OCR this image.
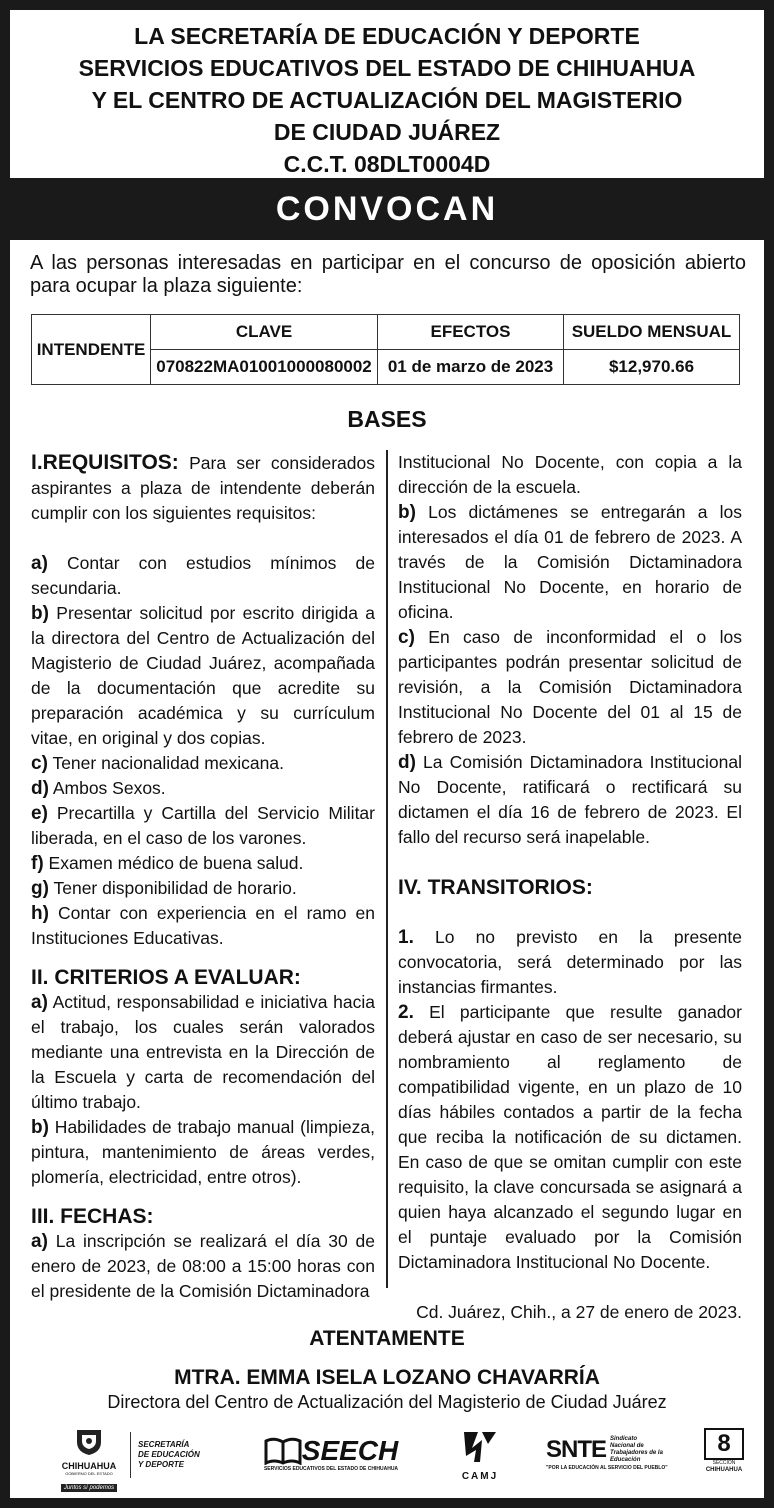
LA SECRETARÍA DE EDUCACIÓN Y DEPORTE

SERVICIOS EDUCATIVOS DEL ESTADO DE CHIHUAHUA

Y EL CENTRO DE ACTUALIZACIÓN DEL MAGISTERIO

DE CIUDAD JUÁREZ

C.C.T. 08DLT0004D

CONVOCAN
A las personas interesadas en participar en el concurso de oposición abierto para ocupar la plaza siguiente:
INTENDENTE	CLAVE	EFECTOS	SUELDO MENSUAL
	070822MA01001000080002	01 de marzo de 2023	$12,970.66
BASES

I.REQUISITOS: Para ser considerados aspirantes a plaza de intendente deberán cumplir con los siguientes requisitos:

a) Contar con estudios mínimos de secundaria.

b) Presentar solicitud por escrito dirigida a la directora del Centro de Actualización del Magisterio de Ciudad Juárez, acompañada de la documentación que acredite su preparación académica y su currículum vitae, en original y dos copias.

c) Tener nacionalidad mexicana.

d) Ambos Sexos.

e) Precartilla y Cartilla del Servicio Militar liberada, en el caso de los varones.

f) Examen médico de buena salud.

g) Tener disponibilidad de horario.

h) Contar con experiencia en el ramo en Instituciones Educativas.

II. CRITERIOS A EVALUAR:

a) Actitud, responsabilidad e iniciativa hacia el trabajo, los cuales serán valorados mediante una entrevista en la Dirección de la Escuela y carta de recomendación del último trabajo.

b) Habilidades de trabajo manual (limpieza, pintura, mantenimiento de áreas verdes, plomería, electricidad, entre otros).

III. FECHAS:

a) La inscripción se realizará el día 30 de enero de 2023, de 08:00 a 15:00 horas con el presidente de la Comisión Dictaminadora

Institucional No Docente, con copia a la dirección de la escuela.

b) Los dictámenes se entregarán a los interesados el día 01 de febrero de 2023. A través de la Comisión Dictaminadora Institucional No Docente, en horario de oficina.

c) En caso de inconformidad el o los participantes podrán presentar solicitud de revisión, a la Comisión Dictaminadora Institucional No Docente del 01 al 15 de febrero de 2023.

d) La Comisión Dictaminadora Institucional No Docente, ratificará o rectificará su dictamen el día 16 de febrero de 2023. El fallo del recurso será inapelable.

IV. TRANSITORIOS:

1. Lo no previsto en la presente convocatoria, será determinado por las instancias firmantes.

2. El participante que resulte ganador deberá ajustar en caso de ser necesario, su nombramiento al reglamento de compatibilidad vigente, en un plazo de 10 días hábiles contados a partir de la fecha que reciba la notificación de su dictamen. En caso de que se omitan cumplir con este requisito, la clave concursada se asignará a quien haya alcanzado el segundo lugar en el puntaje evaluado por la Comisión Dictaminadora Institucional No Docente.

Cd. Juárez, Chih., a 27 de enero de 2023.

ATENTAMENTE
MTRA. EMMA ISELA LOZANO CHAVARRÍA
Directora del Centro de Actualización del Magisterio de Ciudad Juárez
CHIHUAHUA
GOBIERNO DEL ESTADO
Juntos sí podemos
SECRETARÍA
DE EDUCACIÓN
Y DEPORTE	SEECH
SERVICIOS EDUCATIVOS DEL ESTADO DE CHIHUAHUA
CAMJ
SNTE Sindicato
Nacional de
Trabajadores de la
Educación
"POR LA EDUCACIÓN AL SERVICIO DEL PUEBLO"
8
SECCIÓN
CHIHUAHUA
